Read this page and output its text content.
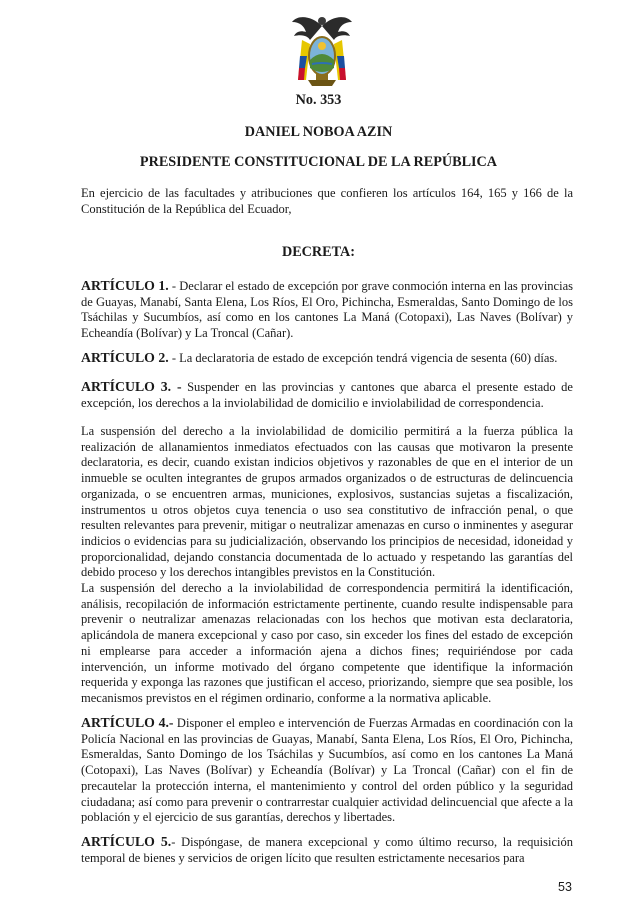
No. 353
DANIEL NOBOA AZIN
PRESIDENTE CONSTITUCIONAL DE LA REPÚBLICA

En ejercicio de las facultades y atribuciones que confieren los artículos 164, 165 y 166 de la Constitución de la República del Ecuador,

DECRETA:

ARTÍCULO 1. - Declarar el estado de excepción por grave conmoción interna en las provincias de Guayas, Manabí, Santa Elena, Los Ríos, El Oro, Pichincha, Esmeraldas, Santo Domingo de los Tsáchilas y Sucumbíos, así como en los cantones La Maná (Cotopaxi), Las Naves (Bolívar) y Echeandía (Bolívar) y La Troncal (Cañar).

ARTÍCULO 2. - La declaratoria de estado de excepción tendrá vigencia de sesenta (60) días.

ARTÍCULO 3. - Suspender en las provincias y cantones que abarca el presente estado de excepción, los derechos a la inviolabilidad de domicilio e inviolabilidad de correspondencia.

La suspensión del derecho a la inviolabilidad de domicilio permitirá a la fuerza pública la realización de allanamientos inmediatos efectuados con las causas que motivaron la presente declaratoria, es decir, cuando existan indicios objetivos y razonables de que en el interior de un inmueble se oculten integrantes de grupos armados organizados o de estructuras de delincuencia organizada, o se encuentren armas, municiones, explosivos, sustancias sujetas a fiscalización, instrumentos u otros objetos cuya tenencia o uso sea constitutivo de infracción penal, o que resulten relevantes para prevenir, mitigar o neutralizar amenazas en curso o inminentes y asegurar indicios o evidencias para su judicialización, observando los principios de necesidad, idoneidad y proporcionalidad, dejando constancia documentada de lo actuado y respetando las garantías del debido proceso y los derechos intangibles previstos en la Constitución.

La suspensión del derecho a la inviolabilidad de correspondencia permitirá la identificación, análisis, recopilación de información estrictamente pertinente, cuando resulte indispensable para prevenir o neutralizar amenazas relacionadas con los hechos que motivan esta declaratoria, aplicándola de manera excepcional y caso por caso, sin exceder los fines del estado de excepción ni emplearse para acceder a información ajena a dichos fines; requiriéndose por cada intervención, un informe motivado del órgano competente que identifique la información requerida y exponga las razones que justifican el acceso, priorizando, siempre que sea posible, los mecanismos previstos en el régimen ordinario, conforme a la normativa aplicable.

ARTÍCULO 4.- Disponer el empleo e intervención de Fuerzas Armadas en coordinación con la Policía Nacional en las provincias de Guayas, Manabí, Santa Elena, Los Ríos, El Oro, Pichincha, Esmeraldas, Santo Domingo de los Tsáchilas y Sucumbíos, así como en los cantones La Maná (Cotopaxi), Las Naves (Bolívar) y Echeandía (Bolívar) y La Troncal (Cañar) con el fin de precautelar la protección interna, el mantenimiento y control del orden público y la seguridad ciudadana; así como para prevenir o contrarrestar cualquier actividad delincuencial que afecte a la población y el ejercicio de sus garantías, derechos y libertades.

ARTÍCULO 5.- Dispóngase, de manera excepcional y como último recurso, la requisición temporal de bienes y servicios de origen lícito que resulten estrictamente necesarios para

53
